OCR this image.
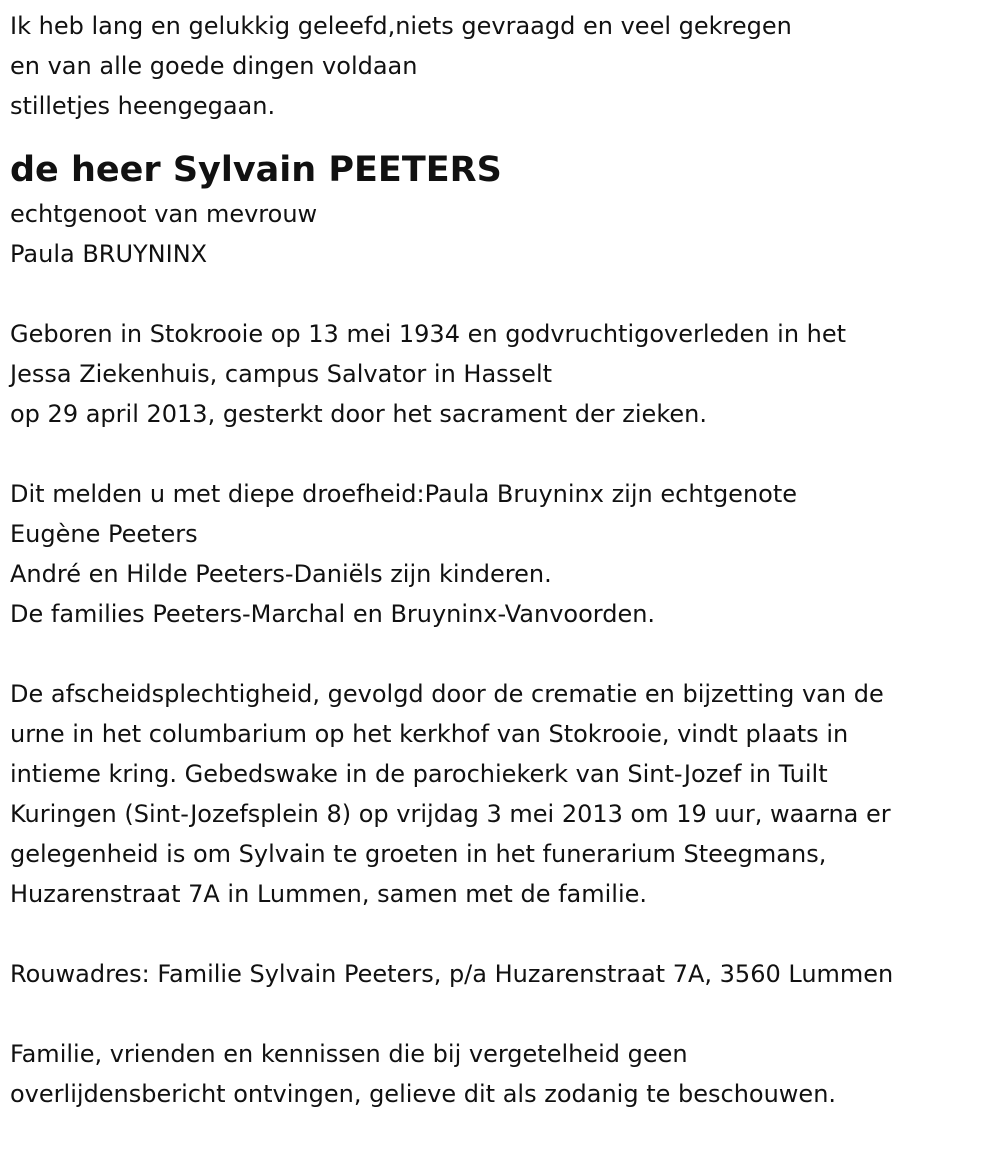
Ik heb lang en gelukkig geleefd,niets gevraagd en veel gekregen

en van alle goede dingen voldaan

stilletjes heengegaan.

de heer Sylvain PEETERS

echtgenoot van mevrouw

Paula BRUYNINX

Geboren in Stokrooie op 13 mei 1934 en godvruchtigoverleden in het

Jessa Ziekenhuis, campus Salvator in Hasselt

op 29 april 2013, gesterkt door het sacrament der zieken.

Dit melden u met diepe droefheid:Paula Bruyninx zijn echtgenote

Eugène Peeters

André en Hilde Peeters-Daniëls zijn kinderen.

De families Peeters-Marchal en Bruyninx-Vanvoorden.

De afscheidsplechtigheid, gevolgd door de crematie en bijzetting van de

urne in het columbarium op het kerkhof van Stokrooie, vindt plaats in

intieme kring. Gebedswake in de parochiekerk van Sint-Jozef in Tuilt

Kuringen (Sint-Jozefsplein 8) op vrijdag 3 mei 2013 om 19 uur, waarna er

gelegenheid is om Sylvain te groeten in het funerarium Steegmans,

Huzarenstraat 7A in Lummen, samen met de familie.

Rouwadres: Familie Sylvain Peeters, p/a Huzarenstraat 7A, 3560 Lummen

Familie, vrienden en kennissen die bij vergetelheid geen

overlijdensbericht ontvingen, gelieve dit als zodanig te beschouwen.
